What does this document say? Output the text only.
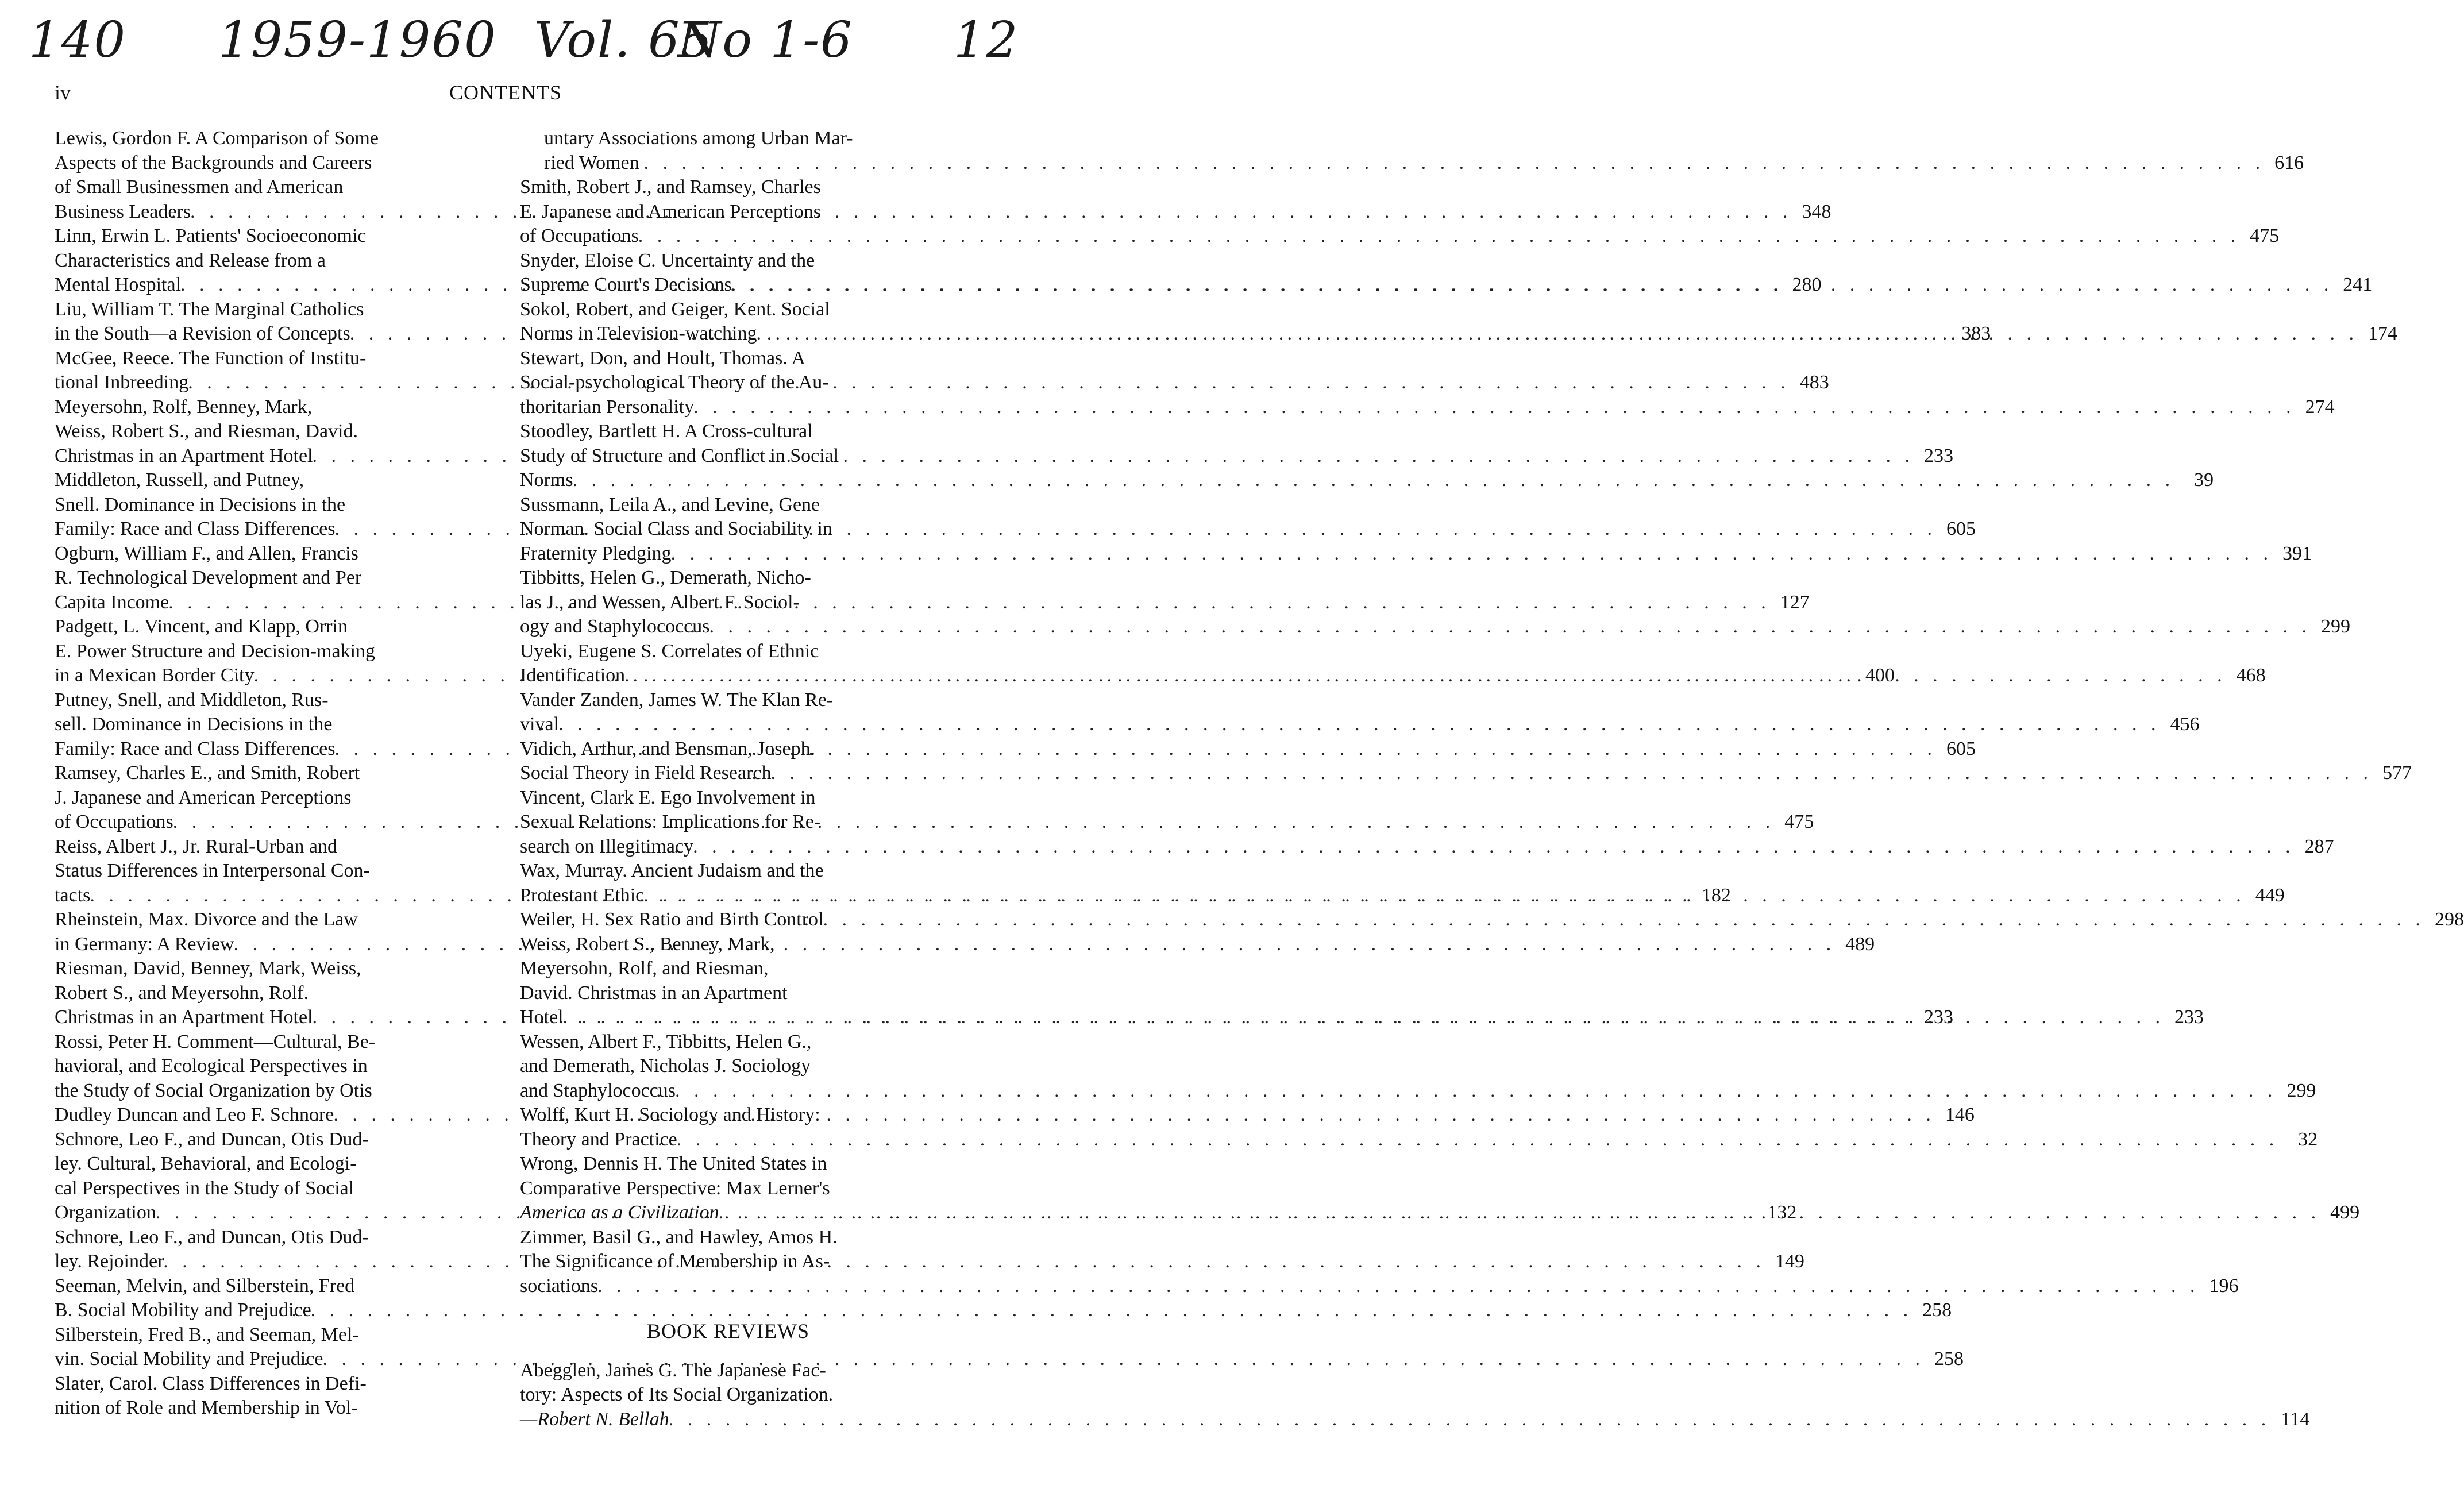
140 1959-1960 Vol. 65
No 1-6 12
iv	CONTENTS
Lewis, Gordon F. A Comparison of Some
Aspects of the Backgrounds and Careers
of Small Businessmen and American
Business Leaders . . .	348
Linn, Erwin L. Patients' Socioeconomic
Characteristics and Release from a
Mental Hospital . . .	280
Liu, William T. The Marginal Catholics
in the South—a Revision of Concepts . . .	383
McGee, Reece. The Function of Institu-
tional Inbreeding . . .	483
Meyersohn, Rolf, Benney, Mark,
Weiss, Robert S., and Riesman, David.
Christmas in an Apartment Hotel . . .	233
Middleton, Russell, and Putney,
Snell. Dominance in Decisions in the
Family: Race and Class Differences . . .	605
Ogburn, William F., and Allen, Francis
R. Technological Development and Per
Capita Income . . .	127
Padgett, L. Vincent, and Klapp, Orrin
E. Power Structure and Decision-making
in a Mexican Border City . . .	400
Putney, Snell, and Middleton, Rus-
sell. Dominance in Decisions in the
Family: Race and Class Differences . . .	605
Ramsey, Charles E., and Smith, Robert
J. Japanese and American Perceptions
of Occupations . . .	475
Reiss, Albert J., Jr. Rural-Urban and
Status Differences in Interpersonal Con-
tacts . . .	182
Rheinstein, Max. Divorce and the Law
in Germany: A Review . . .	489
Riesman, David, Benney, Mark, Weiss,
Robert S., and Meyersohn, Rolf.
Christmas in an Apartment Hotel . . .	233
Rossi, Peter H. Comment—Cultural, Be-
havioral, and Ecological Perspectives in
the Study of Social Organization by Otis
Dudley Duncan and Leo F. Schnore . . .	146
Schnore, Leo F., and Duncan, Otis Dud-
ley. Cultural, Behavioral, and Ecologi-
cal Perspectives in the Study of Social
Organization . . .	132
Schnore, Leo F., and Duncan, Otis Dud-
ley. Rejoinder . . .	149
Seeman, Melvin, and Silberstein, Fred
B. Social Mobility and Prejudice . . .	258
Silberstein, Fred B., and Seeman, Mel-
vin. Social Mobility and Prejudice . . .	258
Slater, Carol. Class Differences in Defi-
nition of Role and Membership in Vol-
untary Associations among Urban Mar-
ried Women . . .	616
Smith, Robert J., and Ramsey, Charles
E. Japanese and American Perceptions
of Occupations . . .	475
Snyder, Eloise C. Uncertainty and the
Supreme Court's Decisions . . .	241
Sokol, Robert, and Geiger, Kent. Social
Norms in Television-watching . . .	174
Stewart, Don, and Hoult, Thomas. A
Social-psychological Theory of the Au-
thoritarian Personality . . .	274
Stoodley, Bartlett H. A Cross-cultural
Study of Structure and Conflict in Social
Norms . . .	39
Sussmann, Leila A., and Levine, Gene
Norman. Social Class and Sociability in
Fraternity Pledging . . .	391
Tibbitts, Helen G., Demerath, Nicho-
las J., and Wessen, Albert F. Sociol-
ogy and Staphylococcus . . .	299
Uyeki, Eugene S. Correlates of Ethnic
Identification . . .	468
Vander Zanden, James W. The Klan Re-
vival . . .	456
Vidich, Arthur, and Bensman, Joseph.
Social Theory in Field Research . . .	577
Vincent, Clark E. Ego Involvement in
Sexual Relations: Implications for Re-
search on Illegitimacy . . .	287
Wax, Murray. Ancient Judaism and the
Protestant Ethic . . .	449
Weiler, H. Sex Ratio and Birth Control . . .	298
Weiss, Robert S., Benney, Mark,
Meyersohn, Rolf, and Riesman,
David. Christmas in an Apartment
Hotel . . .	233
Wessen, Albert F., Tibbitts, Helen G.,
and Demerath, Nicholas J. Sociology
and Staphylococcus . . .	299
Wolff, Kurt H. Sociology and History:
Theory and Practice . . .	32
Wrong, Dennis H. The United States in
Comparative Perspective: Max Lerner's
America as a Civilization . . .	499
Zimmer, Basil G., and Hawley, Amos H.
The Significance of Membership in As-
sociations . . .	196
BOOK REVIEWS
Abegglen, James G. The Japanese Fac-
tory: Aspects of Its Social Organization.
—Robert N. Bellah . . .	114
